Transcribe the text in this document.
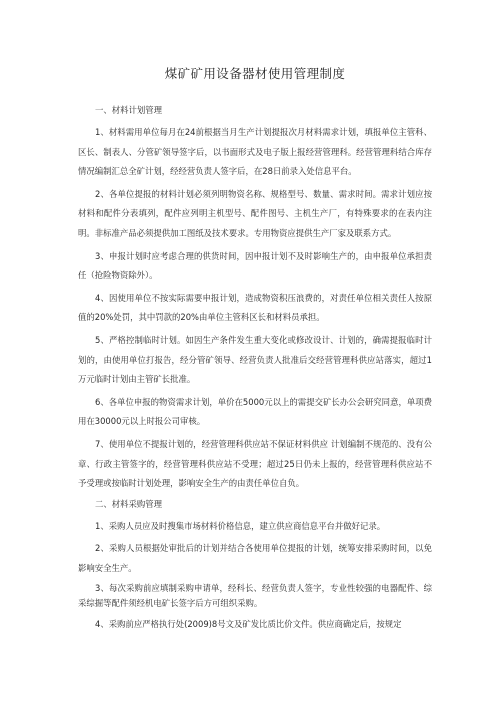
煤矿矿用设备器材使用管理制度
一、材料计划管理

1、材料需用单位每月在24前根据当月生产计划提报次月材料需求计划，填报单位主管科、区长、制表人、分管矿领导签字后，以书面形式及电子版上报经营管理科。经营管理科结合库存情况编制汇总全矿计划，经经营负责人签字后，在28日前录入处信息平台。

2、各单位提报的材料计划必须列明物资名称、规格型号、数量、需求时间。需求计划应按材料和配件分表填列，配件应列明主机型号、配件图号、主机生产厂，有特殊要求的在表内注明。非标准产品必须提供加工图纸及技术要求。专用物资应提供生产厂家及联系方式。

3、申报计划时应考虑合理的供货时间，因申报计划不及时影响生产的，由申报单位承担责任（抢险物资除外）。

4、因使用单位不按实际需要申报计划，造成物资积压浪费的，对责任单位相关责任人按原值的20%处罚，其中罚款的20%由单位主管科区长和材料员承担。

5、严格控制临时计划。如因生产条件发生重大变化或修改设计、计划的，确需提报临时计划的，由使用单位打报告，经分管矿领导、经营负责人批准后交经营管理科供应站落实，超过1万元临时计划由主管矿长批准。

6、各单位申报的物资需求计划，单价在5000元以上的需提交矿长办公会研究同意，单项费用在30000元以上时报公司审核。

7、使用单位不提报计划的，经营管理科供应站不保证材料供应 计划编制不规范的、没有公章、行政主管签字的，经营管理科供应站不受理；超过25日仍未上报的，经营管理科供应站不予受理或按临时计划处理，影响安全生产的由责任单位自负。

二、材料采购管理

1、采购人员应及时搜集市场材料价格信息，建立供应商信息平台并做好记录。

2、采购人员根据处审批后的计划并结合各使用单位提报的计划，统筹安排采购时间，以免影响安全生产。

3、每次采购前应填制采购申请单，经科长、经营负责人签字，专业性较强的电器配件、综采综掘等配件须经机电矿长签字后方可组织采购。

4、采购前应严格执行处(2009)8号文及矿发比质比价文件。供应商确定后，按规定
